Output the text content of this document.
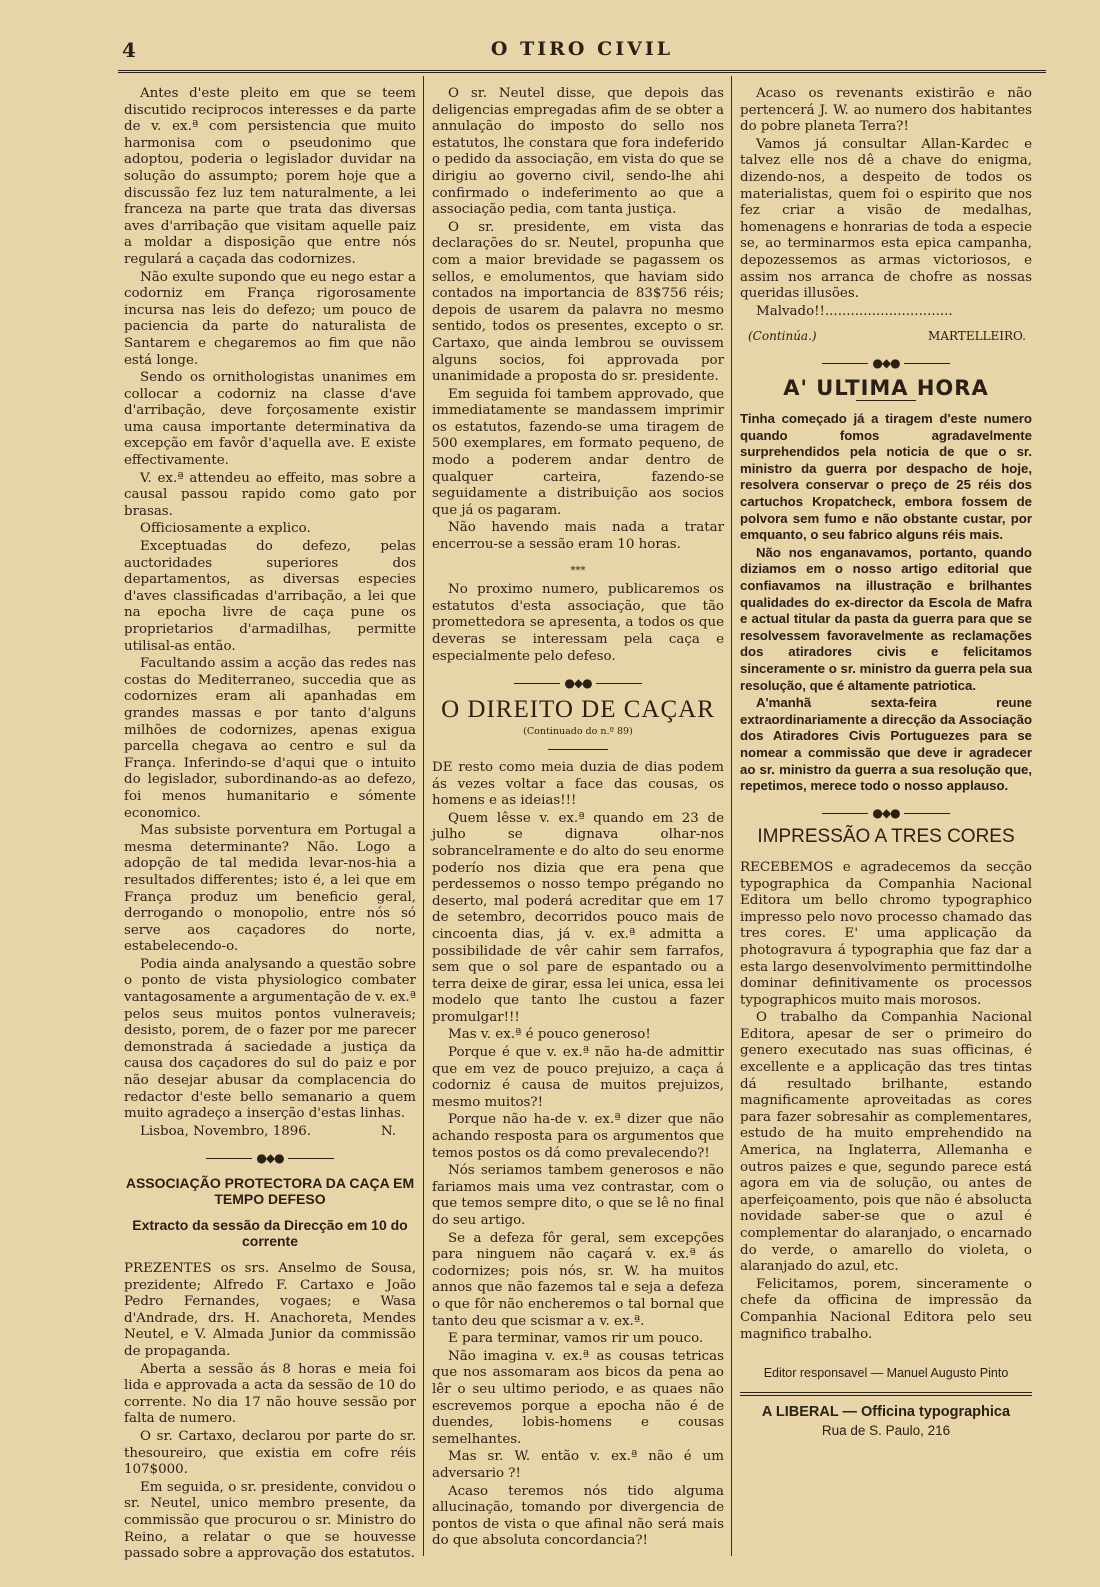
4	O TIRO CIVIL

Antes d'este pleito em que se teem discutido reciprocos interesses e da parte de v. ex.ª com persistencia que muito harmonisa com o pseudonimo que adoptou, poderia o legislador duvidar na solução do assumpto; porem hoje que a discussão fez luz tem naturalmente, a lei franceza na parte que trata das diversas aves d'arribação que visitam aquelle paiz a moldar a disposição que entre nós regulará a caçada das codornizes.

Não exulte supondo que eu nego estar a codorniz em França rigorosamente incursa nas leis do defezo; um pouco de paciencia da parte do naturalista de Santarem e chegaremos ao fim que não está longe.

Sendo os ornithologistas unanimes em collocar a codorniz na classe d'ave d'arribação, deve forçosamente existir uma causa importante determinativa da excepção em favôr d'aquella ave. E existe effectivamente.

V. ex.ª attendeu ao effeito, mas sobre a causal passou rapido como gato por brasas.

Officiosamente a explico.

Exceptuadas do defezo, pelas auctoridades superiores dos departamentos, as diversas especies d'aves classificadas d'arribação, a lei que na epocha livre de caça pune os proprietarios d'armadilhas, permitte utilisal-as então.

Facultando assim a acção das redes nas costas do Mediterraneo, succedia que as codornizes eram ali apanhadas em grandes massas e por tanto d'alguns milhões de codornizes, apenas exigua parcella chegava ao centro e sul da França. Inferindo-se d'aqui que o intuito do legislador, subordinando-as ao defezo, foi menos humanitario e sómente economico.

Mas subsiste porventura em Portugal a mesma determinante? Não. Logo a adopção de tal medida levar-nos-hia a resultados differentes; isto é, a lei que em França produz um beneficio geral, derrogando o monopolio, entre nós só serve aos caçadores do norte, estabelecendo-o.

Podia ainda analysando a questão sobre o ponto de vista physiologico combater vantagosamente a argumentação de v. ex.ª pelos seus muitos pontos vulneraveis; desisto, porem, de o fazer por me parecer demonstrada á saciedade a justiça da causa dos caçadores do sul do paiz e por não desejar abusar da complacencia do redactor d'este bello semanario a quem muito agradeço a inserção d'estas linhas.

Lisboa, Novembro, 1896.	N.
●◆●
ASSOCIAÇÃO PROTECTORA DA CAÇA EM TEMPO DEFESO
Extracto da sessão da Direcção em 10 do corrente

PREZENTES os srs. Anselmo de Sousa, prezidente; Alfredo F. Cartaxo e João Pedro Fernandes, vogaes; e Wasa d'Andrade, drs. H. Anachoreta, Mendes Neutel, e V. Almada Junior da commissão de propaganda.

Aberta a sessão ás 8 horas e meia foi lida e approvada a acta da sessão de 10 do corrente. No dia 17 não houve sessão por falta de numero.

O sr. Cartaxo, declarou por parte do sr. thesoureiro, que existia em cofre réis 107$000.

Em seguida, o sr. presidente, convidou o sr. Neutel, unico membro presente, da commissão que procurou o sr. Ministro do Reino, a relatar o que se houvesse passado sobre a approvação dos estatutos.

O sr. Neutel disse, que depois das deligencias empregadas afim de se obter a annulação do imposto do sello nos estatutos, lhe constara que fora indeferido o pedido da associação, em vista do que se dirigiu ao governo civil, sendo-lhe ahi confirmado o indeferimento ao que a associação pedia, com tanta justiça.

O sr. presidente, em vista das declarações do sr. Neutel, propunha que com a maior brevidade se pagassem os sellos, e emolumentos, que haviam sido contados na importancia de 83$756 réis; depois de usarem da palavra no mesmo sentido, todos os presentes, excepto o sr. Cartaxo, que ainda lembrou se ouvissem alguns socios, foi approvada por unanimidade a proposta do sr. presidente.

Em seguida foi tambem approvado, que immediatamente se mandassem imprimir os estatutos, fazendo-se uma tiragem de 500 exemplares, em formato pequeno, de modo a poderem andar dentro de qualquer carteira, fazendo-se seguidamente a distribuição aos socios que já os pagaram.

Não havendo mais nada a tratar encerrou-se a sessão eram 10 horas.

⁎⁎⁎

No proximo numero, publicaremos os estatutos d'esta associação, que tão promettedora se apresenta, a todos os que deveras se interessam pela caça e especialmente pelo defeso.

●◆●
O DIREITO DE CAÇAR
(Continuado do n.º 89)

DE resto como meia duzia de dias podem ás vezes voltar a face das cousas, os homens e as ideias!!!

Quem lêsse v. ex.ª quando em 23 de julho se dignava olhar-nos sobrancelramente e do alto do seu enorme poderío nos dizia que era pena que perdessemos o nosso tempo prégando no deserto, mal poderá acreditar que em 17 de setembro, decorridos pouco mais de cincoenta dias, já v. ex.ª admitta a possibilidade de vêr cahir sem farrafos, sem que o sol pare de espantado ou a terra deixe de girar, essa lei unica, essa lei modelo que tanto lhe custou a fazer promulgar!!!

Mas v. ex.ª é pouco generoso!

Porque é que v. ex.ª não ha-de admittir que em vez de pouco prejuizo, a caça á codorniz é causa de muitos prejuizos, mesmo muitos?!

Porque não ha-de v. ex.ª dizer que não achando resposta para os argumentos que temos postos os dá como prevalecendo?!

Nós seriamos tambem generosos e não fariamos mais uma vez contrastar, com o que temos sempre dito, o que se lê no final do seu artigo.

Se a defeza fôr geral, sem excepções para ninguem não caçará v. ex.ª ás codornizes; pois nós, sr. W. ha muitos annos que não fazemos tal e seja a defeza o que fôr não encheremos o tal bornal que tanto deu que scismar a v. ex.ª.

E para terminar, vamos rir um pouco.

Não imagina v. ex.ª as cousas tetricas que nos assomaram aos bicos da pena ao lêr o seu ultimo periodo, e as quaes não escrevemos porque a epocha não é de duendes, lobis-homens e cousas semelhantes.

Mas sr. W. então v. ex.ª não é um adversario ?!

Acaso teremos nós tido alguma allucinação, tomando por divergencia de pontos de vista o que afinal não será mais do que absoluta concordancia?!

Acaso os revenants existirão e não pertencerá J. W. ao numero dos habitantes do pobre planeta Terra?!

Vamos já consultar Allan-Kardec e talvez elle nos dê a chave do enigma, dizendo-nos, a despeito de todos os materialistas, quem foi o espirito que nos fez criar a visão de medalhas, homenagens e honrarias de toda a especie se, ao terminarmos esta epica campanha, depozessemos as armas victoriosos, e assim nos arranca de chofre as nossas queridas illusões.

Malvado!!..............................

(Continúa.)	MARTELLEIRO.
●◆●
A' ULTIMA HORA

Tinha começado já a tiragem d'este numero quando fomos agradavelmente surprehendidos pela noticia de que o sr. ministro da guerra por despacho de hoje, resolvera conservar o preço de 25 réis dos cartuchos Kropatcheck, embora fossem de polvora sem fumo e não obstante custar, por emquanto, o seu fabrico alguns réis mais.

Não nos enganavamos, portanto, quando diziamos em o nosso artigo editorial que confiavamos na illustração e brilhantes qualidades do ex-director da Escola de Mafra e actual titular da pasta da guerra para que se resolvessem favoravelmente as reclamações dos atiradores civis e felicitamos sinceramente o sr. ministro da guerra pela sua resolução, que é altamente patriotica.

A'manhã sexta-feira reune extraordinariamente a direcção da Associação dos Atiradores Civis Portuguezes para se nomear a commissão que deve ir agradecer ao sr. ministro da guerra a sua resolução que, repetimos, merece todo o nosso applauso.

●◆●
IMPRESSÃO A TRES CORES

RECEBEMOS e agradecemos da secção typographica da Companhia Nacional Editora um bello chromo typographico impresso pelo novo processo chamado das tres cores. E' uma applicação da photogravura á typographia que faz dar a esta largo desenvolvimento permittindolhe dominar definitivamente os processos typographicos muito mais morosos.

O trabalho da Companhia Nacional Editora, apesar de ser o primeiro do genero executado nas suas officinas, é excellente e a applicação das tres tintas dá resultado brilhante, estando magnificamente aproveitadas as cores para fazer sobresahir as complementares, estudo de ha muito emprehendido na America, na Inglaterra, Allemanha e outros paizes e que, segundo parece está agora em via de solução, ou antes de aperfeiçoamento, pois que não é absolucta novidade saber-se que o azul é complementar do alaranjado, o encarnado do verde, o amarello do violeta, o alaranjado do azul, etc.

Felicitamos, porem, sinceramente o chefe da officina de impressão da Companhia Nacional Editora pelo seu magnifico trabalho.

Editor responsavel — Manuel Augusto Pinto
A LIBERAL — Officina typographica
Rua de S. Paulo, 216
